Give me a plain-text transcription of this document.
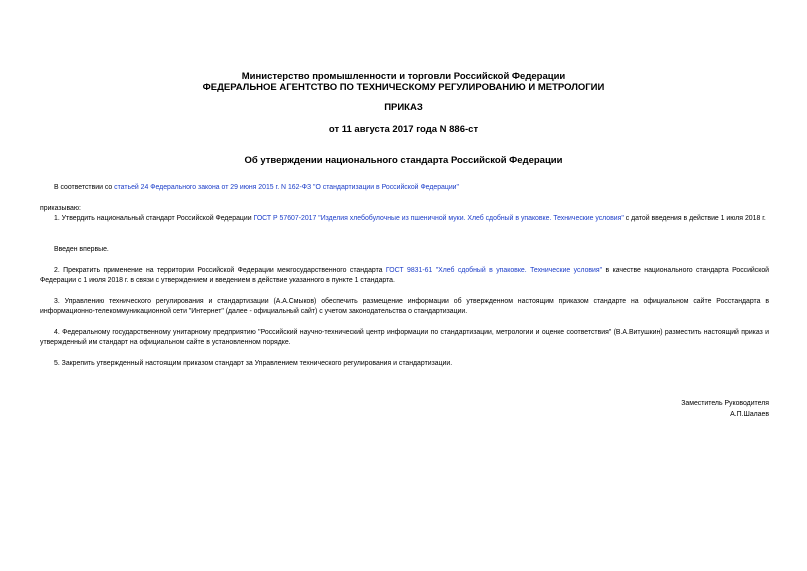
Министерство промышленности и торговли Российской Федерации
ФЕДЕРАЛЬНОЕ АГЕНТСТВО ПО ТЕХНИЧЕСКОМУ РЕГУЛИРОВАНИЮ И МЕТРОЛОГИИ
ПРИКАЗ
от 11 августа 2017 года N 886-ст
Об утверждении национального стандарта Российской Федерации
В соответствии со статьей 24 Федерального закона от 29 июня 2015 г. N 162-ФЗ "О стандартизации в Российской Федерации"
приказываю:
1. Утвердить национальный стандарт Российской Федерации ГОСТ Р 57607-2017 "Изделия хлебобулочные из пшеничной муки. Хлеб сдобный в упаковке. Технические условия" с датой введения в действие 1 июля 2018 г.
Введен впервые.
2. Прекратить применение на территории Российской Федерации межгосударственного стандарта ГОСТ 9831-61 "Хлеб сдобный в упаковке. Технические условия" в качестве национального стандарта Российской Федерации с 1 июля 2018 г. в связи с утверждением и введением в действие указанного в пункте 1 стандарта.
3. Управлению технического регулирования и стандартизации (А.А.Смыков) обеспечить размещение информации об утвержденном настоящим приказом стандарте на официальном сайте Росстандарта в информационно-телекоммуникационной сети "Интернет" (далее - официальный сайт) с учетом законодательства о стандартизации.
4. Федеральному государственному унитарному предприятию "Российский научно-технический центр информации по стандартизации, метрологии и оценке соответствия" (В.А.Витушкин) разместить настоящий приказ и утвержденный им стандарт на официальном сайте в установленном порядке.
5. Закрепить утвержденный настоящим приказом стандарт за Управлением технического регулирования и стандартизации.
Заместитель Руководителя
А.П.Шалаев
